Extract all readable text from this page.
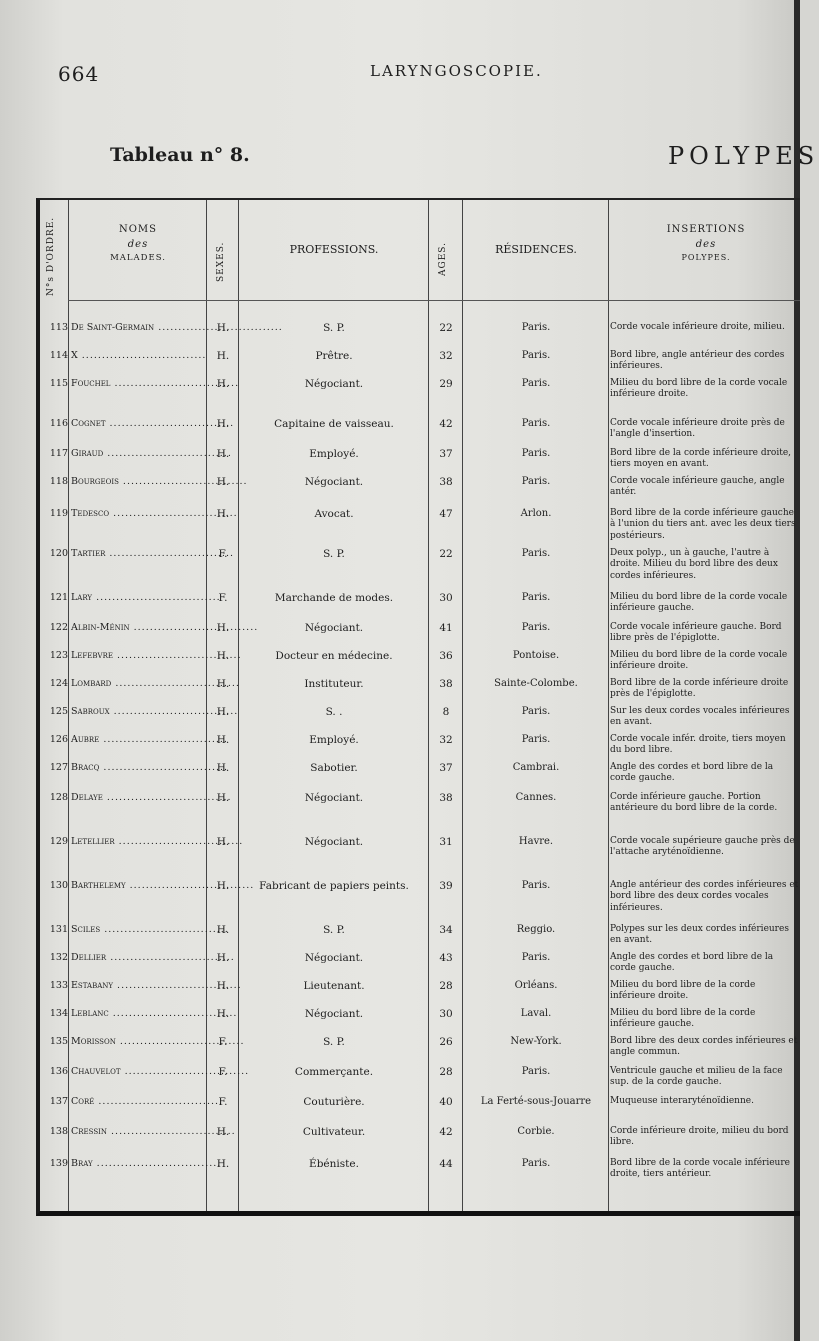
664	LARYNGOSCOPIE.
Tableau n° 8.	POLYPES
N°s D'ORDRE.	NOMS
des
MALADES.	SEXES.	PROFESSIONS.	AGES.	RÉSIDENCES.
INSERTIONS
des
POLYPES.
113 De Saint-Germain .....	H.	S. P.	22	Paris.	Corde vocale inférieure droite, milieu.
114 X .....	H.	Prêtre.	32	Paris.	Bord libre, angle antérieur des cordes inférieures.
115 Fouchel .....	H.	Négociant.	29	Paris.	Milieu du bord libre de la corde vocale inférieure droite.
116 Cognet .....	H.	Capitaine de vaisseau.	42	Paris.	Corde vocale inférieure droite près de l'angle d'insertion.
117 Giraud .....	H.	Employé.	37	Paris.	Bord libre de la corde inférieure droite, tiers moyen en avant.
118 Bourgeois .....	H.	Négociant.	38	Paris.	Corde vocale inférieure gauche, angle antér.
119 Tedesco .....	H.	Avocat.	47	Arlon.	Bord libre de la corde inférieure gauche à l'union du tiers ant. avec les deux tiers postérieurs.
120 Tartier .....	F.	S. P.	22	Paris.	Deux polyp., un à gauche, l'autre à droite. Milieu du bord libre des deux cordes inférieures.
121 Lary .....	F.	Marchande de modes.	30	Paris.	Milieu du bord libre de la corde vocale inférieure gauche.
122 Albin-Ménin .....	H.	Négociant.	41	Paris.	Corde vocale inférieure gauche. Bord libre près de l'épiglotte.
123 Lefebvre .....	H.	Docteur en médecine.	36	Pontoise.	Milieu du bord libre de la corde vocale inférieure droite.
124 Lombard .....	H.	Instituteur.	38	Sainte-Colombe.	Bord libre de la corde inférieure droite près de l'épiglotte.
125 Sabroux .....	H.	S. .	8	Paris.	Sur les deux cordes vocales inférieures en avant.
126 Aubre .....	H.	Employé.	32	Paris.	Corde vocale infér. droite, tiers moyen du bord libre.
127 Bracq .....	H.	Sabotier.	37	Cambrai.	Angle des cordes et bord libre de la corde gauche.
128 Delaye .....	H.	Négociant.	38	Cannes.	Corde inférieure gauche. Portion antérieure du bord libre de la corde.
129 Letellier .....	H.	Négociant.	31	Havre.	Corde vocale supérieure gauche près de l'attache aryténoïdienne.
130 Barthelemy .....	H.	Fabricant de papiers peints.	39	Paris.	Angle antérieur des cordes inférieures et bord libre des deux cordes vocales inférieures.
131 Sciles .....	H.	S. P.	34	Reggio.	Polypes sur les deux cordes inférieures en avant.
132 Dellier .....	H.	Négociant.	43	Paris.	Angle des cordes et bord libre de la corde gauche.
133 Estabany .....	H.	Lieutenant.	28	Orléans.	Milieu du bord libre de la corde inférieure droite.
134 Leblanc .....	H.	Négociant.	30	Laval.	Milieu du bord libre de la corde inférieure gauche.
135 Morisson .....	F.	S. P.	26	New-York.	Bord libre des deux cordes inférieures et angle commun.
136 Chauvelot .....	F.	Commerçante.	28	Paris.	Ventricule gauche et milieu de la face sup. de la corde gauche.
137 Coré .....	F.	Couturière.	40	La Ferté-sous-Jouarre	Muqueuse interaryténoïdienne.
138 Cressin .....	H.	Cultivateur.	42	Corbie.	Corde inférieure droite, milieu du bord libre.
139 Bray .....	H.	Ébéniste.	44	Paris.	Bord libre de la corde vocale inférieure droite, tiers antérieur.
